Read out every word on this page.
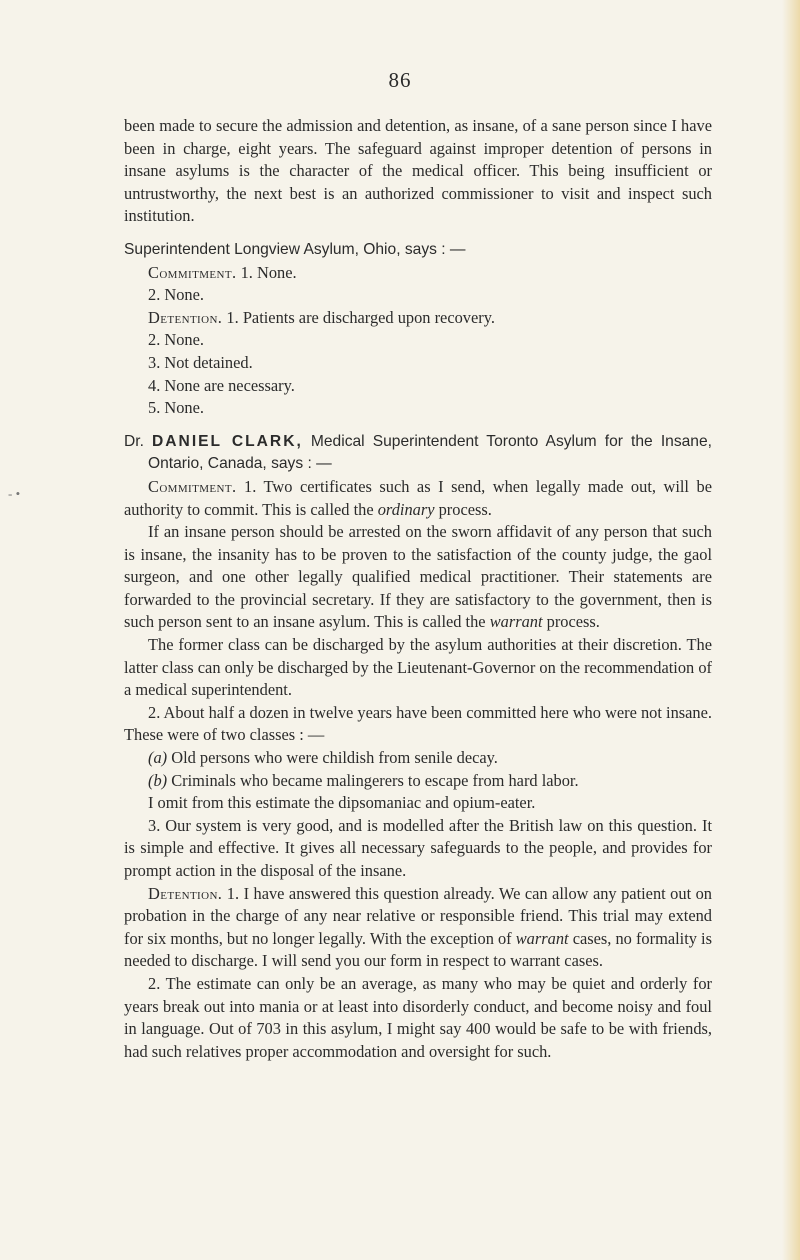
- •
86

been made to secure the admission and detention, as insane, of a sane person since I have been in charge, eight years. The safeguard against improper detention of persons in insane asylums is the character of the medical officer. This being insufficient or untrustworthy, the next best is an authorized commissioner to visit and inspect such institution.

Superintendent Longview Asylum, Ohio, says : —

Commitment. 1. None.

2. None.

Detention. 1. Patients are discharged upon recovery.

2. None.

3. Not detained.

4. None are necessary.

5. None.

Dr. DANIEL CLARK, Medical Superintendent Toronto Asylum for the Insane, Ontario, Canada, says : —

Commitment. 1. Two certificates such as I send, when legally made out, will be authority to commit. This is called the ordinary process.

If an insane person should be arrested on the sworn affidavit of any person that such is insane, the insanity has to be proven to the satisfaction of the county judge, the gaol surgeon, and one other legally qualified medical practitioner. Their statements are forwarded to the provincial secretary. If they are satisfactory to the government, then is such person sent to an insane asylum. This is called the warrant process.

The former class can be discharged by the asylum authorities at their discretion. The latter class can only be discharged by the Lieutenant-Governor on the recommendation of a medical superintendent.

2. About half a dozen in twelve years have been committed here who were not insane. These were of two classes : —

(a) Old persons who were childish from senile decay.

(b) Criminals who became malingerers to escape from hard labor.

I omit from this estimate the dipsomaniac and opium-eater.

3. Our system is very good, and is modelled after the British law on this question. It is simple and effective. It gives all necessary safeguards to the people, and provides for prompt action in the disposal of the insane.

Detention. 1. I have answered this question already. We can allow any patient out on probation in the charge of any near relative or responsible friend. This trial may extend for six months, but no longer legally. With the exception of warrant cases, no formality is needed to discharge. I will send you our form in respect to warrant cases.

2. The estimate can only be an average, as many who may be quiet and orderly for years break out into mania or at least into disorderly conduct, and become noisy and foul in language. Out of 703 in this asylum, I might say 400 would be safe to be with friends, had such relatives proper accommodation and oversight for such.
